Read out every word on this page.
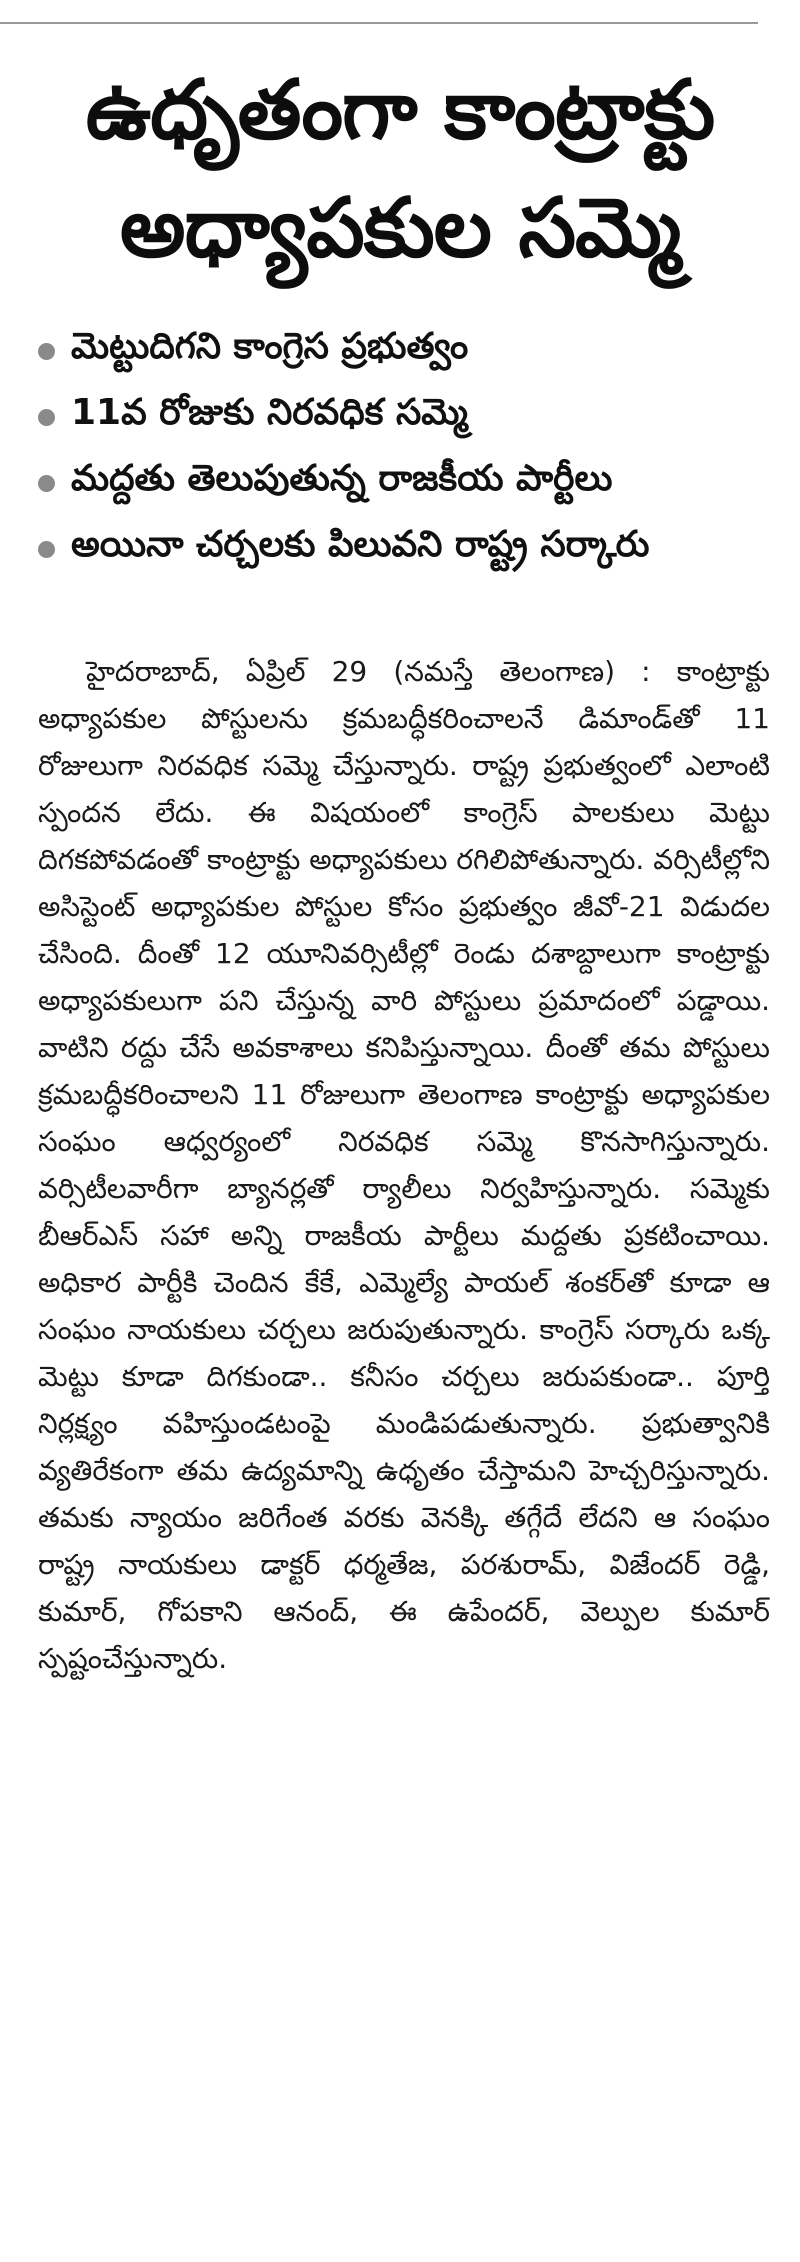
ఉధృతంగా కాంట్రాక్టు
అధ్యాపకుల సమ్మె
మెట్టుదిగని కాంగ్రెస ప్రభుత్వం
11వ రోజుకు నిరవధిక సమ్మె
మద్దతు తెలుపుతున్న రాజకీయ పార్టీలు
అయినా చర్చలకు పిలువని రాష్ట్ర సర్కారు

హైదరాబాద్, ఏప్రిల్ 29 (నమస్తే తెలంగాణ) : కాంట్రాక్టు అధ్యాపకుల పోస్టులను క్రమబద్ధీకరించాలనే డిమాండ్‌తో 11 రోజులుగా నిరవధిక సమ్మె చేస్తున్నారు. రాష్ట్ర ప్రభుత్వంలో ఎలాంటి స్పందన లేదు. ఈ విషయంలో కాంగ్రెస్ పాలకులు మెట్టు దిగకపోవడంతో కాంట్రాక్టు అధ్యాపకులు రగిలిపోతున్నారు. వర్సిటీల్లోని అసిస్టెంట్ అధ్యాపకుల పోస్టుల కోసం ప్రభుత్వం జీవో-21 విడుదల చేసింది. దీంతో 12 యూనివర్సిటీల్లో రెండు దశాబ్దాలుగా కాంట్రాక్టు అధ్యాపకులుగా పని చేస్తున్న వారి పోస్టులు ప్రమాదంలో పడ్డాయి. వాటిని రద్దు చేసే అవకాశాలు కనిపిస్తున్నాయి. దీంతో తమ పోస్టులు క్రమబద్ధీకరించాలని 11 రోజులుగా తెలంగాణ కాంట్రాక్టు అధ్యాపకుల సంఘం ఆధ్వర్యంలో నిరవధిక సమ్మె కొనసాగిస్తున్నారు. వర్సిటీలవారీగా బ్యానర్లతో ర్యాలీలు నిర్వహిస్తున్నారు. సమ్మెకు బీఆర్‌ఎస్ సహా అన్ని రాజకీయ పార్టీలు మద్దతు ప్రకటించాయి. అధికార పార్టీకి చెందిన కేకే, ఎమ్మెల్యే పాయల్ శంకర్‌తో కూడా ఆ సంఘం నాయకులు చర్చలు జరుపుతున్నారు. కాంగ్రెస్ సర్కారు ఒక్క మెట్టు కూడా దిగకుండా.. కనీసం చర్చలు జరుపకుండా.. పూర్తి నిర్లక్ష్యం వహిస్తుండటంపై మండిపడుతున్నారు. ప్రభుత్వానికి వ్యతిరేకంగా తమ ఉద్యమాన్ని ఉధృతం చేస్తామని హెచ్చరిస్తున్నారు. తమకు న్యాయం జరిగేంత వరకు వెనక్కి తగ్గేదే లేదని ఆ సంఘం రాష్ట్ర నాయకులు డాక్టర్ ధర్మతేజ, పరశురామ్, విజేందర్ రెడ్డి, కుమార్, గోపకాని ఆనంద్, ఈ ఉపేందర్, వెల్పుల కుమార్ స్పష్టంచేస్తున్నారు.
